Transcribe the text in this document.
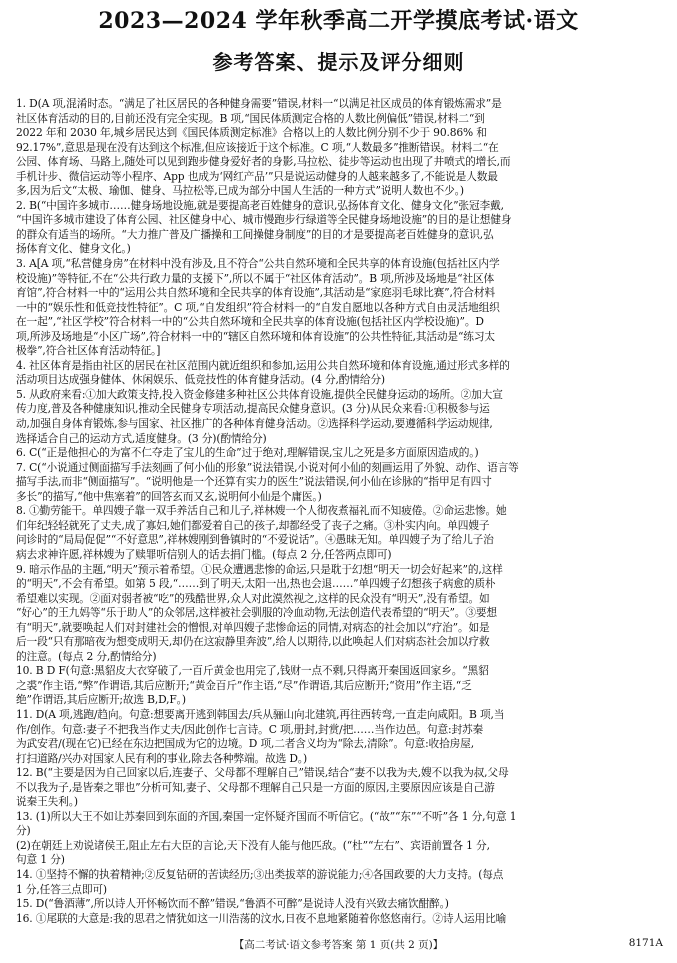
2023—2024 学年秋季高二开学摸底考试·语文
参考答案、提示及评分细则
1. D(A 项,混淆时态。“满足了社区居民的各种健身需要”错误,材料一“以满足社区成员的体育锻炼需求”是
社区体育活动的目的,目前还没有完全实现。B 项,“国民体质测定合格的人数比例偏低”错误,材料二“到
2022 年和 2030 年,城乡居民达到《国民体质测定标准》合格以上的人数比例分别不少于 90.86% 和
92.17%”,意思是现在没有达到这个标准,但应该接近于这个标准。C 项,“人数最多”推断错误。材料二“在
公园、体育场、马路上,随处可以见到跑步健身爱好者的身影,马拉松、徒步等运动也出现了井喷式的增长,而
手机计步、微信运动等小程序、App 也成为‘网红产品’”只是说运动健身的人越来越多了,不能说是人数最
多,因为后文“太极、瑜伽、健身、马拉松等,已成为部分中国人生活的一种方式”说明人数也不少。)
2. B(“中国许多城市……健身场地设施,就是要提高老百姓健身的意识,弘扬体育文化、健身文化”张冠李戴,
“中国许多城市建设了体育公园、社区健身中心、城市慢跑步行绿道等全民健身场地设施”的目的是让想健身
的群众有适当的场所。“大力推广普及广播操和工间操健身制度”的目的才是要提高老百姓健身的意识,弘
扬体育文化、健身文化。)
3. A[A 项,“私营健身房”在材料中没有涉及,且不符合“公共自然环境和全民共享的体育设施(包括社区内学
校设施)”等特征,不在“公共行政力量的支援下”,所以不属于“社区体育活动”。B 项,所涉及场地是“社区体
育馆”,符合材料一中的“运用公共自然环境和全民共享的体育设施”,其活动是“家庭羽毛球比赛”,符合材料
一中的“娱乐性和低竞技性特征”。C 项,“自发组织”符合材料一的“自发自愿地以各种方式自由灵活地组织
在一起”,“社区学校”符合材料一中的“公共自然环境和全民共享的体育设施(包括社区内学校设施)”。D
项,所涉及场地是“小区广场”,符合材料一中的“辖区自然环境和体育设施”的公共性特征,其活动是“练习太
极拳”,符合社区体育活动特征。]
4. 社区体育是指由社区的居民在社区范围内就近组织和参加,运用公共自然环境和体育设施,通过形式多样的
活动项目达成强身健体、休闲娱乐、低竞技性的体育健身活动。(4 分,酌情给分)
5. 从政府来看:①加大政策支持,投入资金修建多种社区公共体育设施,提供全民健身运动的场所。②加大宣
传力度,普及各种健康知识,推动全民健身专项活动,提高民众健身意识。(3 分)从民众来看:①积极参与运
动,加强自身体育锻炼,参与国家、社区推广的各种体育健身活动。②选择科学运动,要遵循科学运动规律,
选择适合自己的运动方式,适度健身。(3 分)(酌情给分)
6. C(“正是他担心的为富不仁夺走了宝儿的生命”过于绝对,理解错误,宝儿之死是多方面原因造成的。)
7. C(“小说通过侧面描写手法刻画了何小仙的形象”说法错误,小说对何小仙的刻画运用了外貌、动作、语言等
描写手法,而非“侧面描写”。“说明他是一个还算有实力的医生”说法错误,何小仙在诊脉的“指甲足有四寸
多长”的描写,“他中焦塞着”的回答玄而又玄,说明何小仙是个庸医。)
8. ①勤劳能干。单四嫂子靠一双手养活自己和儿子,祥林嫂一个人彻夜煮福礼而不知疲倦。②命运悲惨。她
们年纪轻轻就死了丈夫,成了寡妇,她们都爱着自己的孩子,却都经受了丧子之痛。③朴实内向。单四嫂子
问诊时的“局局促促”“不好意思”,祥林嫂刚到鲁镇时的“不爱说话”。④愚昧无知。单四嫂子为了给儿子治
病去求神许愿,祥林嫂为了赎罪听信别人的话去捐门槛。(每点 2 分,任答两点即可)
9. 暗示作品的主题,“明天”预示着希望。①民众遭遇悲惨的命运,只是耽于幻想“明天一切会好起来”的,这样
的“明天”,不会有希望。如第 5 段,“……到了明天,太阳一出,热也会退……”单四嫂子幻想孩子病愈的质朴
希望难以实现。②面对弱者被“吃”的残酷世界,众人对此漠然视之,这样的民众没有“明天”,没有希望。如
“好心”的王九妈等“乐于助人”的众邻居,这样被社会驯服的冷血动物,无法创造代表希望的“明天”。③要想
有“明天”,就要唤起人们对封建社会的憎恨,对单四嫂子悲惨命运的同情,对病态的社会加以“疗治”。如是
后一段“只有那暗夜为想变成明天,却仍在这寂静里奔波”,给人以期待,以此唤起人们对病态社会加以疗救
的注意。(每点 2 分,酌情给分)
10. B D F(句意:黑貂皮大衣穿破了,一百斤黄金也用完了,钱财一点不剩,只得离开秦国返回家乡。“黑貂
之裘”作主语,“弊”作谓语,其后应断开;“黄金百斤”作主语,“尽”作谓语,其后应断开;“资用”作主语,“乏
绝”作谓语,其后应断开;故选 B,D,F。)
11. D(A 项,逃跑/趋向。句意:想要离开逃到韩国去/兵从骊山向北建筑,再往西转弯,一直走向咸阳。B 项,当
作/创作。句意:妻子不把我当作丈夫/因此创作七言诗。C 项,册封,封赏/把……当作边邑。句意:封苏秦
为武安君/(现在它)已经在东边把国成为它的边境。D 项,二者含义均为“除去,清除”。句意:收拾房屋,
打扫道路/兴办对国家人民有利的事业,除去各种弊端。故选 D。)
12. B(“主要是因为自己回家以后,连妻子、父母都不理解自己”错误,结合“妻不以我为夫,嫂不以我为叔,父母
不以我为子,是皆秦之罪也”分析可知,妻子、父母都不理解自己只是一方面的原因,主要原因应该是自己游
说秦王失利。)
13. (1)所以大王不如让苏秦回到东面的齐国,秦国一定怀疑齐国而不听信它。(“故”“东”“不听”各 1 分,句意 1
分)
(2)在朝廷上劝说诸侯王,阻止左右大臣的言论,天下没有人能与他匹敌。(“杜”“左右”、宾语前置各 1 分,
句意 1 分)
14. ①坚持不懈的执着精神;②反复钻研的苦读经历;③出类拔萃的游说能力;④各国政要的大力支持。(每点
1 分,任答三点即可)
15. D(“鲁酒薄”,所以诗人开怀畅饮而不醉”错误,“鲁酒不可醉”是说诗人没有兴致去痛饮酣醉。)
16. ①尾联的大意是:我的思君之情犹如这一川浩荡的汶水,日夜不息地紧随着你悠悠南行。②诗人运用比喻
【高二考试·语文参考答案 第 1 页(共 2 页)】	8171A
